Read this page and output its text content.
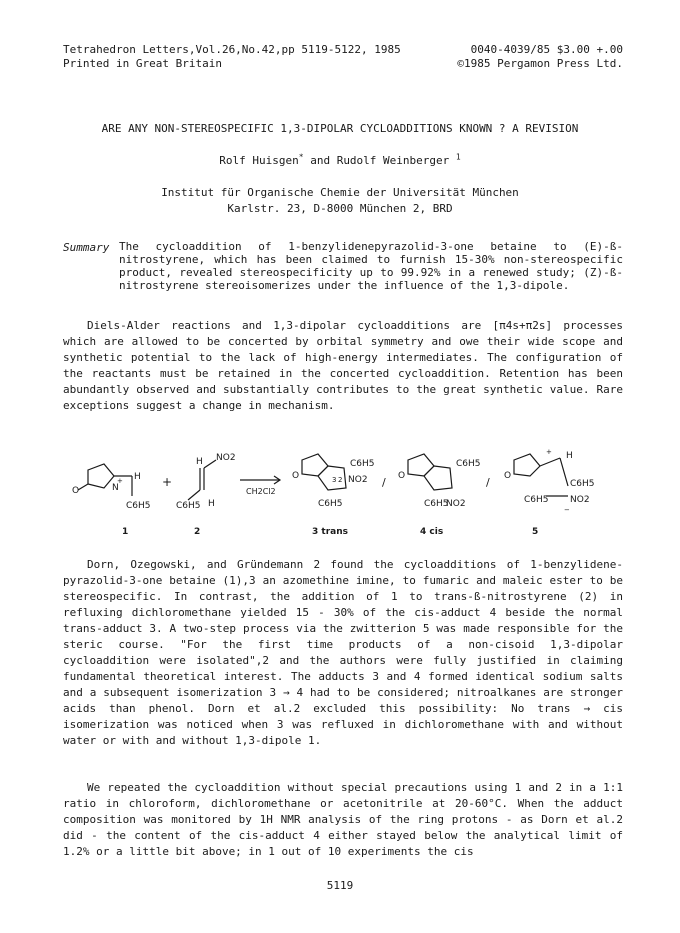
Tetrahedron Letters,Vol.26,No.42,pp 5119-5122, 1985	0040-4039/85 $3.00 +.00
Printed in Great Britain	©1985 Pergamon Press Ltd.
ARE ANY NON-STEREOSPECIFIC 1,3-DIPOLAR CYCLOADDITIONS KNOWN ? A REVISION
Rolf Huisgen* and Rudolf Weinberger $^1$
Institut für Organische Chemie der Universität München
Karlstr. 23, D-8000 München 2, BRD
Summary The cycloaddition of 1-benzylidenepyrazolid-3-one betaine to (E)-ß-nitrostyrene, which has been claimed to furnish 15-30% non-stereospecific product, revealed stereospecificity up to 99.92% in a renewed study; (Z)-ß-nitrostyrene stereoisomerizes under the influence of the 1,3-dipole.

Diels-Alder reactions and 1,3-dipolar cycloadditions are [π4s+π2s] processes which are allowed to be concerted by orbital symmetry and owe their wide scope and synthetic potential to the lack of high-energy intermediates. The configuration of the reactants must be retained in the concerted cycloaddition. Retention has been abundantly observed and substantially contributes to the great synthetic value. Rare exceptions suggest a change in mechanism.

O	N
+ H
C6H5
H NO2
C6H5 H
+
CH2Cl2
O
C6H5
NO2
C6H5
3 2	O
C6H5
C6H5
NO2
O
H
C6H5
C6H5 NO2
−
+
1	2	3 trans	4 cis	5
/	/

Dorn, Ozegowski, and Gründemann 2 found the cycloadditions of 1-benzylidene-pyrazolid-3-one betaine (1),3 an azomethine imine, to fumaric and maleic ester to be stereospecific. In contrast, the addition of 1 to trans-ß-nitrostyrene (2) in refluxing dichloromethane yielded 15 - 30% of the cis-adduct 4 beside the normal trans-adduct 3. A two-step process via the zwitterion 5 was made responsible for the steric course. "For the first time products of a non-cisoid 1,3-dipolar cycloaddition were isolated",2 and the authors were fully justified in claiming fundamental theoretical interest. The adducts 3 and 4 formed identical sodium salts and a subsequent isomerization 3 → 4 had to be considered; nitroalkanes are stronger acids than phenol. Dorn et al.2 excluded this possibility: No trans → cis isomerization was noticed when 3 was refluxed in dichloromethane with and without water or with and without 1,3-dipole 1.

We repeated the cycloaddition without special precautions using 1 and 2 in a 1:1 ratio in chloroform, dichloromethane or acetonitrile at 20-60°C. When the adduct composition was monitored by 1H NMR analysis of the ring protons - as Dorn et al.2 did - the content of the cis-adduct 4 either stayed below the analytical limit of 1.2% or a little bit above; in 1 out of 10 experiments the cis

5119
